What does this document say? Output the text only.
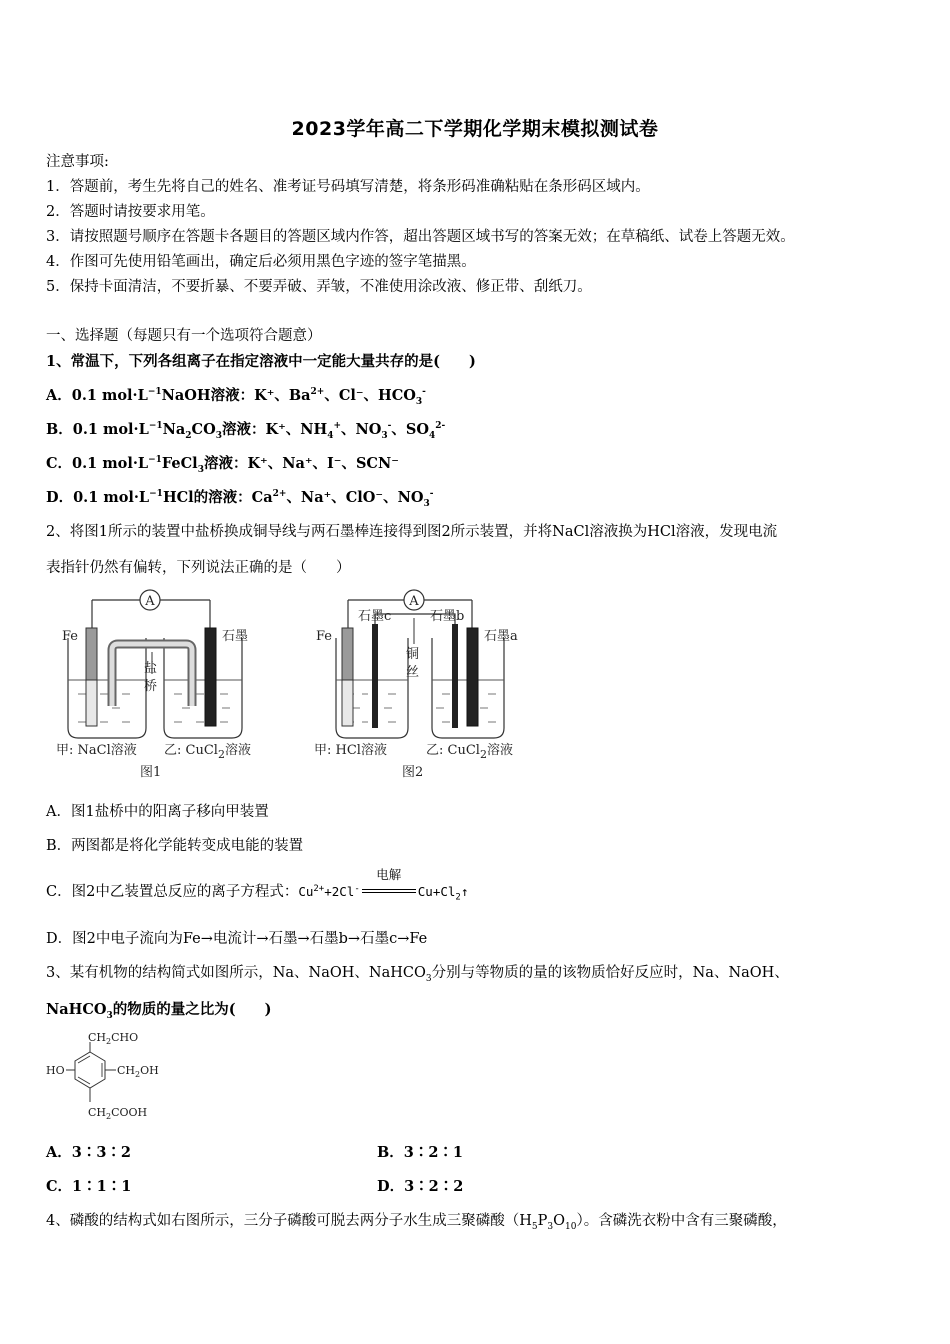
2023学年高二下学期化学期末模拟测试卷
注意事项:
1．答题前，考生先将自己的姓名、准考证号码填写清楚，将条形码准确粘贴在条形码区域内。
2．答题时请按要求用笔。
3．请按照题号顺序在答题卡各题目的答题区域内作答，超出答题区域书写的答案无效；在草稿纸、试卷上答题无效。
4．作图可先使用铅笔画出，确定后必须用黑色字迹的签字笔描黑。
5．保持卡面清洁，不要折暴、不要弄破、弄皱，不准使用涂改液、修正带、刮纸刀。
一、选择题（每题只有一个选项符合题意）
1、常温下，下列各组离子在指定溶液中一定能大量共存的是(　　)
A．0.1 $mol\cdot L^{-1}NaOH$溶液：K⁺、$Ba^{2+}$、Cl⁻、$HCO_3^-$
B．0.1 $mol\cdot L^{-1}Na_2CO_3$溶液：K⁺、$NH_4^+$、$NO_3^-$、$SO_4^{2-}$
C．0.1 $mol\cdot L^{-1}FeCl_3$溶液：K⁺、Na⁺、I⁻、SCN⁻
D．0.1 $mol\cdot L^{-1}HCl$的溶液：$Ca^{2+}$、Na⁺、ClO⁻、$NO_3^-$
2、将图1所示的装置中盐桥换成铜导线与两石墨棒连接得到图2所示装置，并将NaCl溶液换为HCl溶液，发现电流
表指针仍然有偏转，下列说法正确的是（　　）
A
Fe	石墨
盐
桥
甲: NaCl溶液 乙: CuCl$_2$溶液
图1
A
Fe
石墨c	石墨b
石墨a
铜
丝
甲: HCl溶液	乙: CuCl$_2$溶液
图2
A．图1盐桥中的阳离子移向甲装置
B．两图都是将化学能转变成电能的装置
C．图2中乙装置总反应的离子方程式：$Cu^{2+}+2Cl^-$
电解
$Cu+Cl_2↑$
D．图2中电子流向为Fe→电流计→石墨→石墨b→石墨c→Fe
3、某有机物的结构简式如图所示，Na、NaOH、NaHCO$_3$分别与等物质的量的该物质恰好反应时，Na、NaOH、
NaHCO$_3$的物质的量之比为(　　)
$CH_2CHO$
HO	$CH_2OH$
$CH_2COOH$
A．3∶3∶2	B．3∶2∶1
C．1∶1∶1	D．3∶2∶2
4、磷酸的结构式如右图所示，三分子磷酸可脱去两分子水生成三聚磷酸$(H_5P_3O_{10})$。含磷洗衣粉中含有三聚磷酸，
